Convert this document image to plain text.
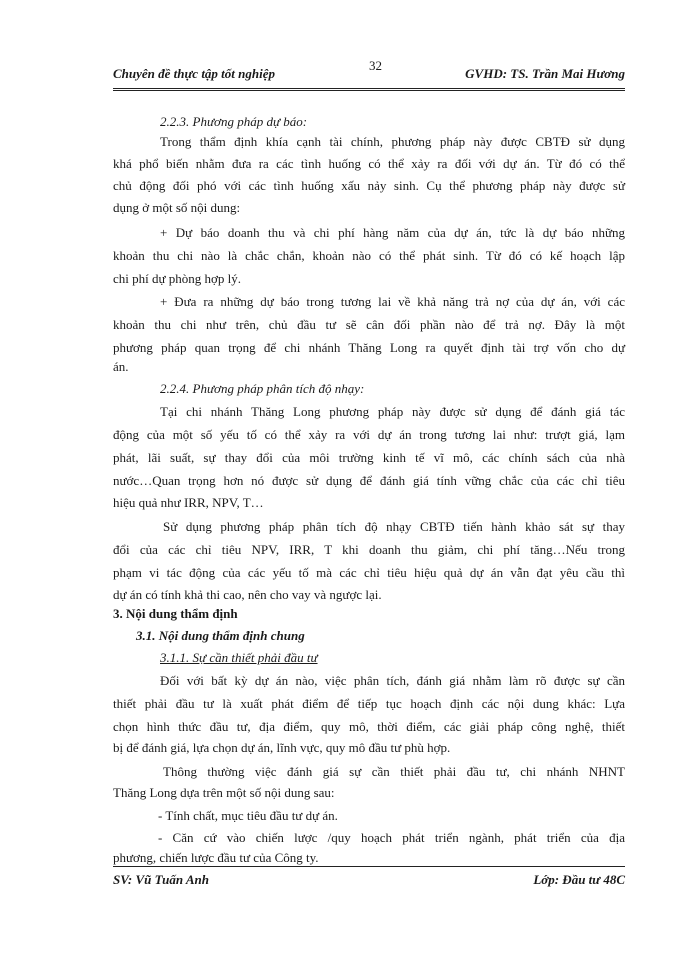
Chuyên đề thực tập tốt nghiệp
32
GVHD: TS. Trần Mai Hương
2.2.3. Phương pháp dự báo:
Trong thẩm định khía cạnh tài chính, phương pháp này được CBTĐ sử dụng
khá phổ biến nhằm đưa ra các tình huống có thể xảy ra đối với dự án. Từ đó có thể
chủ động đối phó với các tình huống xấu nảy sinh. Cụ thể phương pháp này được sử
dụng ở một số nội dung:
+ Dự báo doanh thu và chi phí hàng năm của dự án, tức là dự báo những
khoản thu chi nào là chắc chắn, khoản nào có thể phát sinh. Từ đó có kế hoạch lập
chi phí dự phòng hợp lý.
+ Đưa ra những dự báo trong tương lai về khả năng trả nợ của dự án, với các
khoản thu chi như trên, chủ đầu tư sẽ cân đối phần nào để trả nợ. Đây là một
phương pháp quan trọng để chi nhánh Thăng Long ra quyết định tài trợ vốn cho dự
án.
2.2.4. Phương pháp phân tích độ nhạy:
Tại chi nhánh Thăng Long phương pháp này được sử dụng để đánh giá tác
động của một số yếu tố có thể xảy ra với dự án trong tương lai như: trượt giá, lạm
phát, lãi suất, sự thay đổi của môi trường kinh tế vĩ mô, các chính sách của nhà
nước…Quan trọng hơn nó được sử dụng để đánh giá tính vững chắc của các chỉ tiêu
hiệu quả như IRR, NPV, T…
Sử dụng phương pháp phân tích độ nhạy CBTĐ tiến hành khảo sát sự thay
đổi của các chỉ tiêu NPV, IRR, T khi doanh thu giảm, chi phí tăng…Nếu trong
phạm vi tác động của các yếu tố mà các chỉ tiêu hiệu quả dự án vẫn đạt yêu cầu thì
dự án có tính khả thi cao, nên cho vay và ngược lại.
3. Nội dung thẩm định
3.1. Nội dung thẩm định chung
3.1.1. Sự cần thiết phải đầu tư
Đối với bất kỳ dự án nào, việc phân tích, đánh giá nhằm làm rõ được sự cần
thiết phải đầu tư là xuất phát điểm để tiếp tục hoạch định các nội dung khác: Lựa
chọn hình thức đầu tư, địa điểm, quy mô, thời điểm, các giải pháp công nghệ, thiết
bị để đánh giá, lựa chọn dự án, lĩnh vực, quy mô đầu tư phù hợp.
Thông thường việc đánh giá sự cần thiết phải đầu tư, chi nhánh NHNT
Thăng Long dựa trên một số nội dung sau:
- Tính chất, mục tiêu đầu tư dự án.
- Căn cứ vào chiến lược /quy hoạch phát triển ngành, phát triển của địa
phương, chiến lược đầu tư của Công ty.
SV: Vũ Tuấn Anh	Lớp: Đầu tư 48C
